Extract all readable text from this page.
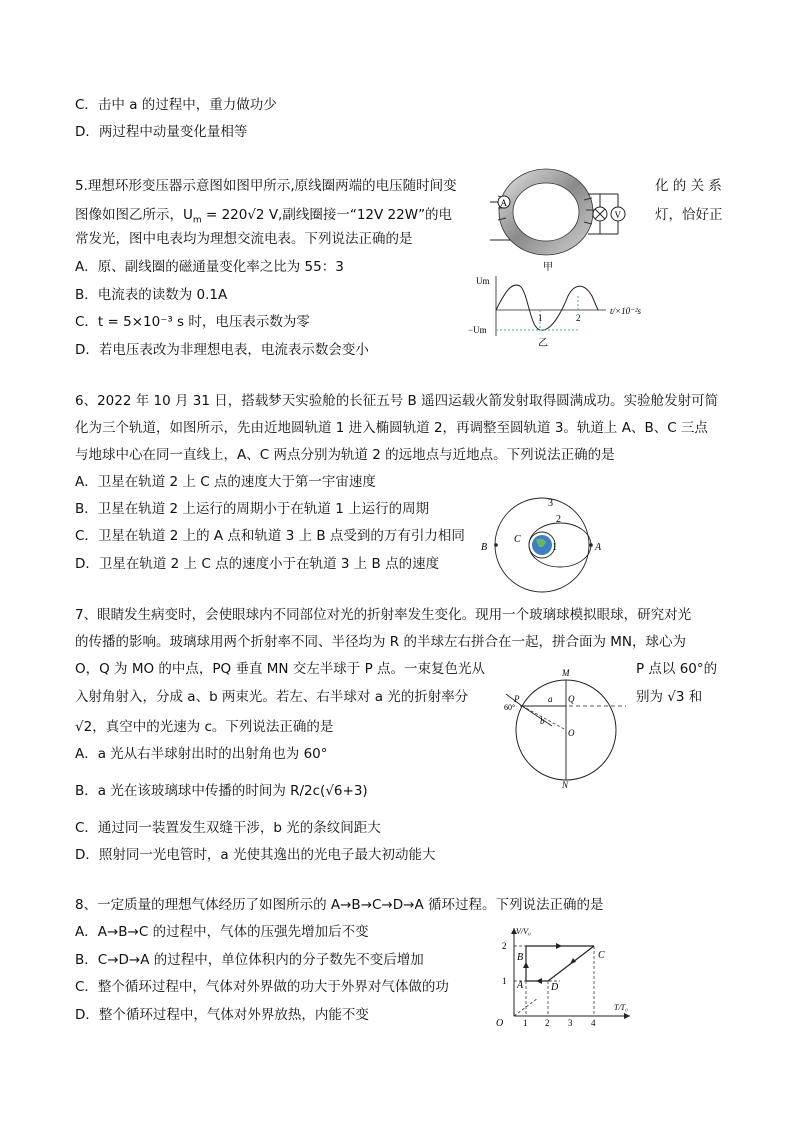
C．击中 a 的过程中，重力做功少
D．两过程中动量变化量相等
5.理想环形变压器示意图如图甲所示,原线圈两端的电压随时间变	化 的 关 系
图像如图乙所示，$U_m = 220√2$ V,副线圈接一“12V 22W”的电	灯，恰好正
常发光，图中电表均为理想交流电表。下列说法正确的是
A．原、副线圈的磁通量变化率之比为 55：3
B．电流表的读数为 0.1A
C．t = 5×10⁻³ s 时，电压表示数为零
D．若电压表改为非理想电表，电流表示数会变小
A
V
甲
Um
−Um
1	2
t/×10⁻²s
乙
6、2022 年 10 月 31 日，搭载梦天实验舱的长征五号 B 遥四运载火箭发射取得圆满成功。实验舱发射可简
化为三个轨道，如图所示，先由近地圆轨道 1 进入椭圆轨道 2，再调整至圆轨道 3。轨道上 A、B、C 三点
与地球中心在同一直线上，A、C 两点分别为轨道 2 的远地点与近地点。下列说法正确的是
A．卫星在轨道 2 上 C 点的速度大于第一宇宙速度
B．卫星在轨道 2 上运行的周期小于在轨道 1 上运行的周期
C．卫星在轨道 2 上的 A 点和轨道 3 上 B 点受到的万有引力相同
D．卫星在轨道 2 上 C 点的速度小于在轨道 3 上 B 点的速度
3
2
1
B
C
A
7、眼睛发生病变时，会使眼球内不同部位对光的折射率发生变化。现用一个玻璃球模拟眼球，研究对光
的传播的影响。玻璃球用两个折射率不同、半径均为 R 的半球左右拼合在一起，拼合面为 MN，球心为
O，Q 为 MO 的中点，PQ 垂直 MN 交左半球于 P 点。一束复色光从	P 点以 60°的
入射角射入，分成 a、b 两束光。若左、右半球对 a 光的折射率分	别为 √3 和
√2，真空中的光速为 c。下列说法正确的是
A．a 光从右半球射出时的出射角也为 60°
B．a 光在该玻璃球中传播的时间为 R/2c(√6+3)
C．通过同一装置发生双缝干涉，b 光的条纹间距大
D．照射同一光电管时，a 光使其逸出的光电子最大初动能大
60°
M
N
P	Q
O
a
b
8、一定质量的理想气体经历了如图所示的 A→B→C→D→A 循环过程。下列说法正确的是
A．A→B→C 的过程中，气体的压强先增加后不变
B．C→D→A 的过程中，单位体积内的分子数先不变后增加
C．整个循环过程中，气体对外界做的功大于外界对气体做的功
D．整个循环过程中，气体对外界放热，内能不变
V/V₀
T/T₀
O
1
2
1 2 3 4
A
B	C
D
